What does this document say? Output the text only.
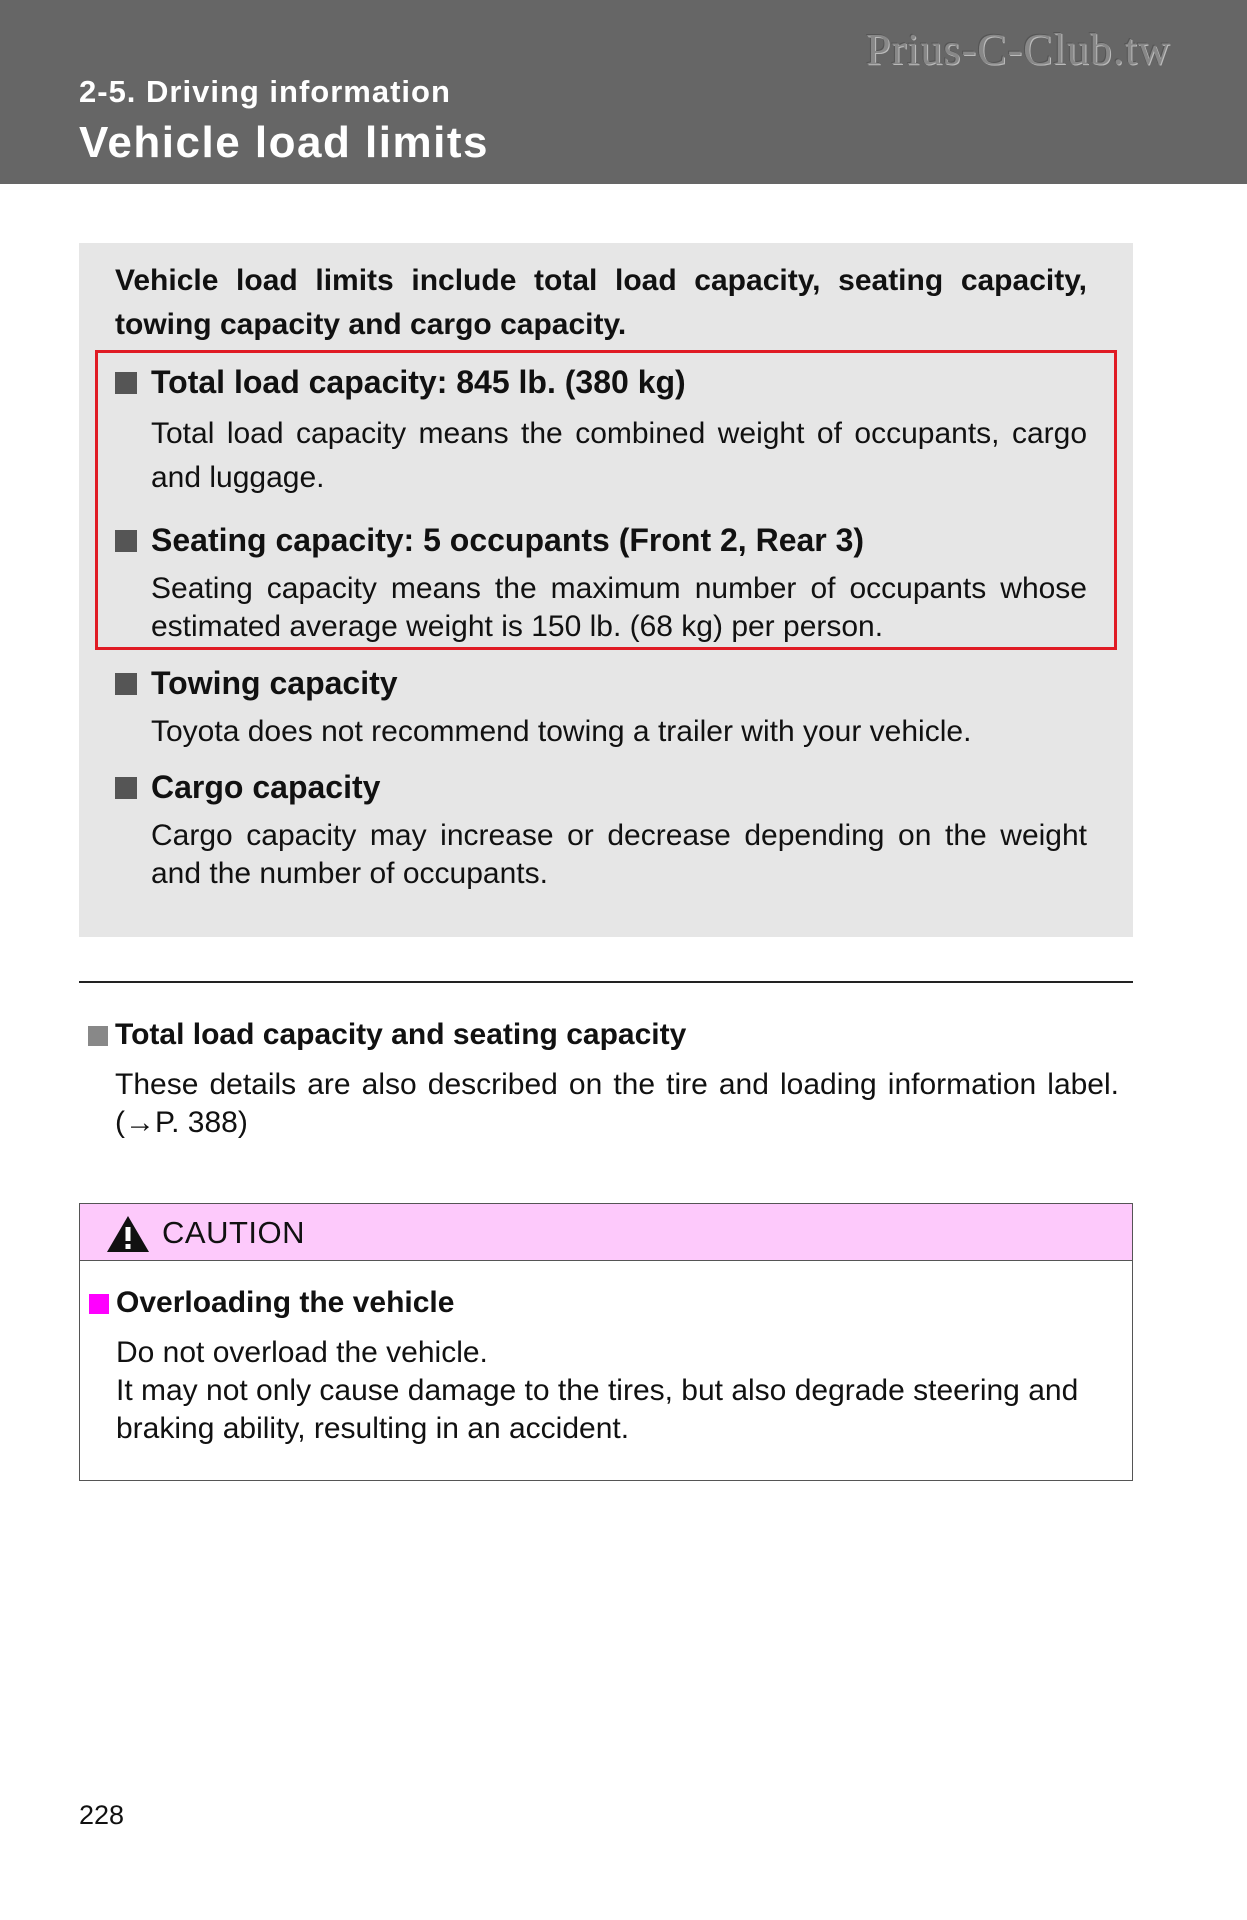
Prius-C-Club.tw
2-5. Driving information
Vehicle load limits
Vehicle load limits include total load capacity, seating capacity, towing capacity and cargo capacity.
Total load capacity: 845 lb. (380 kg)
Total load capacity means the combined weight of occupants, cargo and luggage.
Seating capacity: 5 occupants (Front 2, Rear 3)
Seating capacity means the maximum number of occupants whose estimated average weight is 150 lb. (68 kg) per person.
Towing capacity
Toyota does not recommend towing a trailer with your vehicle.
Cargo capacity
Cargo capacity may increase or decrease depending on the weight and the number of occupants.
Total load capacity and seating capacity
These details are also described on the tire and loading information label. (→P. 388)
CAUTION
Overloading the vehicle
Do not overload the vehicle.
It may not only cause damage to the tires, but also degrade steering and braking ability, resulting in an accident.
228
